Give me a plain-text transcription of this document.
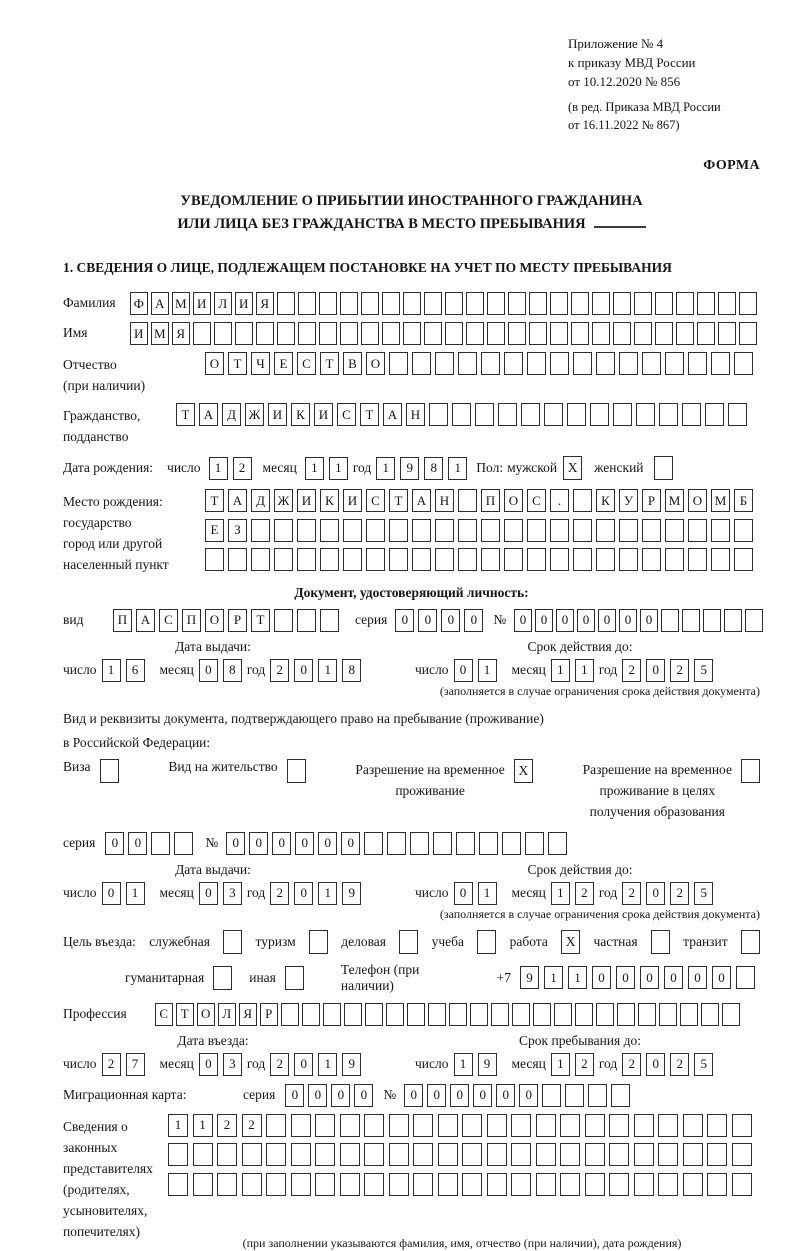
Приложение № 4
к приказу МВД России
от 10.12.2020 № 856
(в ред. Приказа МВД России
от 16.11.2022 № 867)
ФОРМА
УВЕДОМЛЕНИЕ О ПРИБЫТИИ ИНОСТРАННОГО ГРАЖДАНИНА
ИЛИ ЛИЦА БЕЗ ГРАЖДАНСТВА В МЕСТО ПРЕБЫВАНИЯ
1. СВЕДЕНИЯ О ЛИЦЕ, ПОДЛЕЖАЩЕМ ПОСТАНОВКЕ НА УЧЕТ ПО МЕСТУ ПРЕБЫВАНИЯ
Фамилия	Ф А М И Л И Я
Имя	И М Я
Отчество
(при наличии)
О	Т	Ч	Е	С	Т	В	О
Гражданство,
подданство
Т	А	Д Ж И	К	И	С	Т	А	Н
Дата рождения: число	1	2	месяц	1	1 год 1	9	8	1	Пол: мужской X	женский
Место рождения:
государство
город или другой
населенный пункт
Т	А	Д Ж И	К	И	С	Т	А	Н	П	О	С	.	К	У	Р	М О М	Б
Е	З
Документ, удостоверяющий личность:
вид	П	А	С	П	О	Р	Т	серия	0	0	0	0	№	0	0	0	0	0	0	0
Дата выдачи:
число 1	6	месяц 0	8 год 2	0	1	8
Срок действия до:
число 0	1	месяц 1	1 год 2	0	2	5
(заполняется в случае ограничения срока действия документа)
Вид и реквизиты документа, подтверждающего право на пребывание (проживание)
в Российской Федерации:
Виза	Вид на жительство	Разрешение на временное
проживание
X	Разрешение на временное
проживание в целях
получения образования
серия	0	0	№	0	0	0	0	0	0
Дата выдачи:
число 0	1	месяц 0	3 год 2	0	1	9
Срок действия до:
число 0	1	месяц 1	2 год 2	0	2	5
(заполняется в случае ограничения срока действия документа)
Цель въезда: служебная	туризм	деловая	учеба	работа	X	частная	транзит
гуманитарная	иная
Телефон (при наличии)
+7	9	1	1	0	0	0	0	0	0
Профессия	С Т О Л Я	Р
Дата въезда:
число 2	7	месяц 0	3 год 2	0	1	9
Срок пребывания до:
число 1	9	месяц 1	2 год 2	0	2	5
Миграционная карта:	серия	0	0	0	0	№	0	0	0	0	0	0
Сведения о
законных
представителях
(родителях,
усыновителях,
попечителях)
1	1	2	2
(при заполнении указываются фамилия, имя, отчество (при наличии), дата рождения)
